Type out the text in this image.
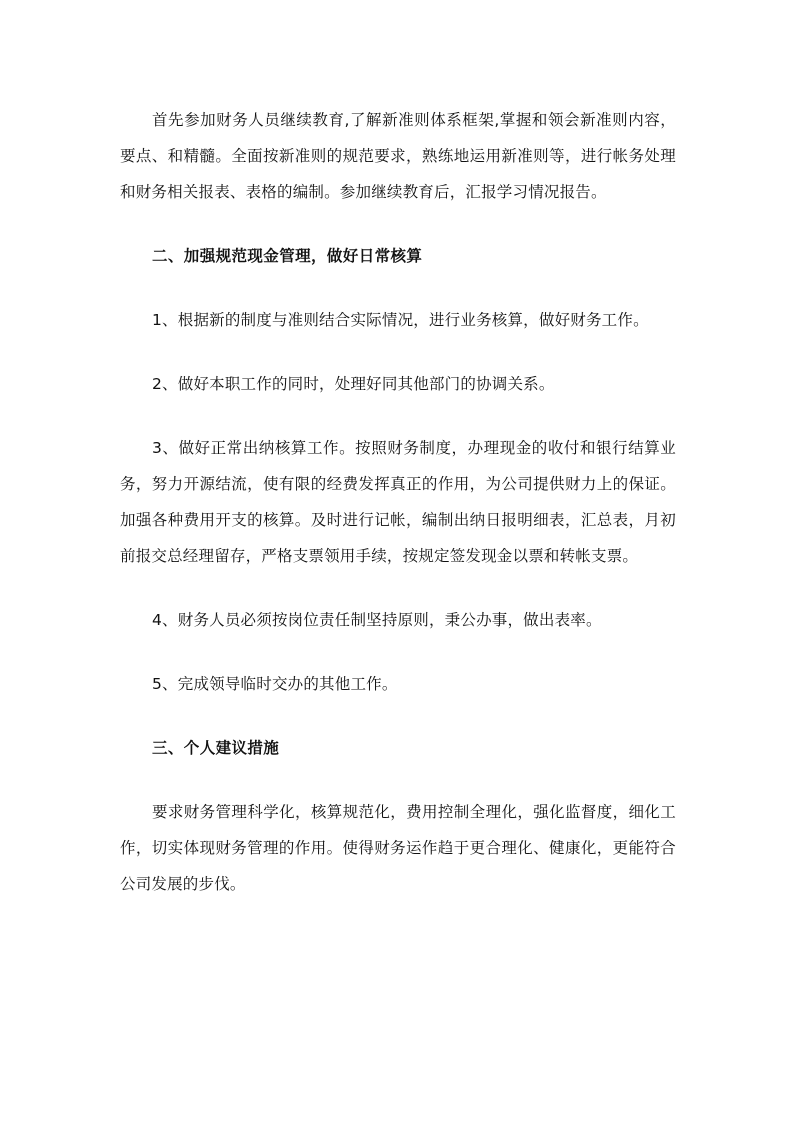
首先参加财务人员继续教育,了解新准则体系框架,掌握和领会新准则内容，要点、和精髓。全面按新准则的规范要求，熟练地运用新准则等，进行帐务处理和财务相关报表、表格的编制。参加继续教育后，汇报学习情况报告。

二、加强规范现金管理，做好日常核算

1、根据新的制度与准则结合实际情况，进行业务核算，做好财务工作。

2、做好本职工作的同时，处理好同其他部门的协调关系。

3、做好正常出纳核算工作。按照财务制度，办理现金的收付和银行结算业务，努力开源结流，使有限的经费发挥真正的作用，为公司提供财力上的保证。加强各种费用开支的核算。及时进行记帐，编制出纳日报明细表，汇总表，月初前报交总经理留存，严格支票领用手续，按规定签发现金以票和转帐支票。

4、财务人员必须按岗位责任制坚持原则，秉公办事，做出表率。

5、完成领导临时交办的其他工作。

三、个人建议措施

要求财务管理科学化，核算规范化，费用控制全理化，强化监督度，细化工作，切实体现财务管理的作用。使得财务运作趋于更合理化、健康化，更能符合公司发展的步伐。
